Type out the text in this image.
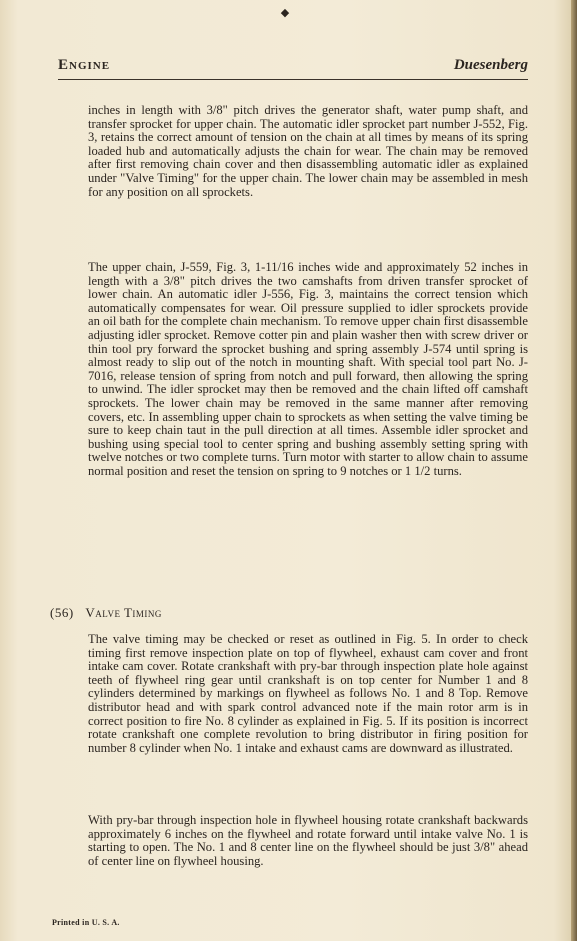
◆
Engine	Duesenberg

inches in length with 3/8" pitch drives the generator shaft, water pump shaft, and transfer sprocket for upper chain. The automatic idler sprocket part number J-552, Fig. 3, retains the correct amount of tension on the chain at all times by means of its spring loaded hub and automatically adjusts the chain for wear. The chain may be removed after first removing chain cover and then disassembling automatic idler as explained under "Valve Timing" for the upper chain. The lower chain may be assembled in mesh for any position on all sprockets.

The upper chain, J-559, Fig. 3, 1-11/16 inches wide and approximately 52 inches in length with a 3/8" pitch drives the two camshafts from driven transfer sprocket of lower chain. An automatic idler J-556, Fig. 3, maintains the correct tension which automatically compensates for wear. Oil pressure supplied to idler sprockets provide an oil bath for the complete chain mechanism. To remove upper chain first disassemble adjusting idler sprocket. Remove cotter pin and plain washer then with screw driver or thin tool pry forward the sprocket bushing and spring assembly J-574 until spring is almost ready to slip out of the notch in mounting shaft. With special tool part No. J-7016, release tension of spring from notch and pull forward, then allowing the spring to unwind. The idler sprocket may then be removed and the chain lifted off camshaft sprockets. The lower chain may be removed in the same manner after removing covers, etc. In assembling upper chain to sprockets as when setting the valve timing be sure to keep chain taut in the pull direction at all times. Assemble idler sprocket and bushing using special tool to center spring and bushing assembly setting spring with twelve notches or two complete turns. Turn motor with starter to allow chain to assume normal position and reset the tension on spring to 9 notches or 1 1/2 turns.

(56) Valve Timing

The valve timing may be checked or reset as outlined in Fig. 5. In order to check timing first remove inspection plate on top of flywheel, exhaust cam cover and front intake cam cover. Rotate crankshaft with pry-bar through inspection plate hole against teeth of flywheel ring gear until crankshaft is on top center for Number 1 and 8 cylinders determined by markings on flywheel as follows No. 1 and 8 Top. Remove distributor head and with spark control advanced note if the main rotor arm is in correct position to fire No. 8 cylinder as explained in Fig. 5. If its position is incorrect rotate crankshaft one complete revolution to bring distributor in firing position for number 8 cylinder when No. 1 intake and exhaust cams are downward as illustrated.

With pry-bar through inspection hole in flywheel housing rotate crankshaft backwards approximately 6 inches on the flywheel and rotate forward until intake valve No. 1 is starting to open. The No. 1 and 8 center line on the flywheel should be just 3/8" ahead of center line on flywheel housing.

Printed in U. S. A.
